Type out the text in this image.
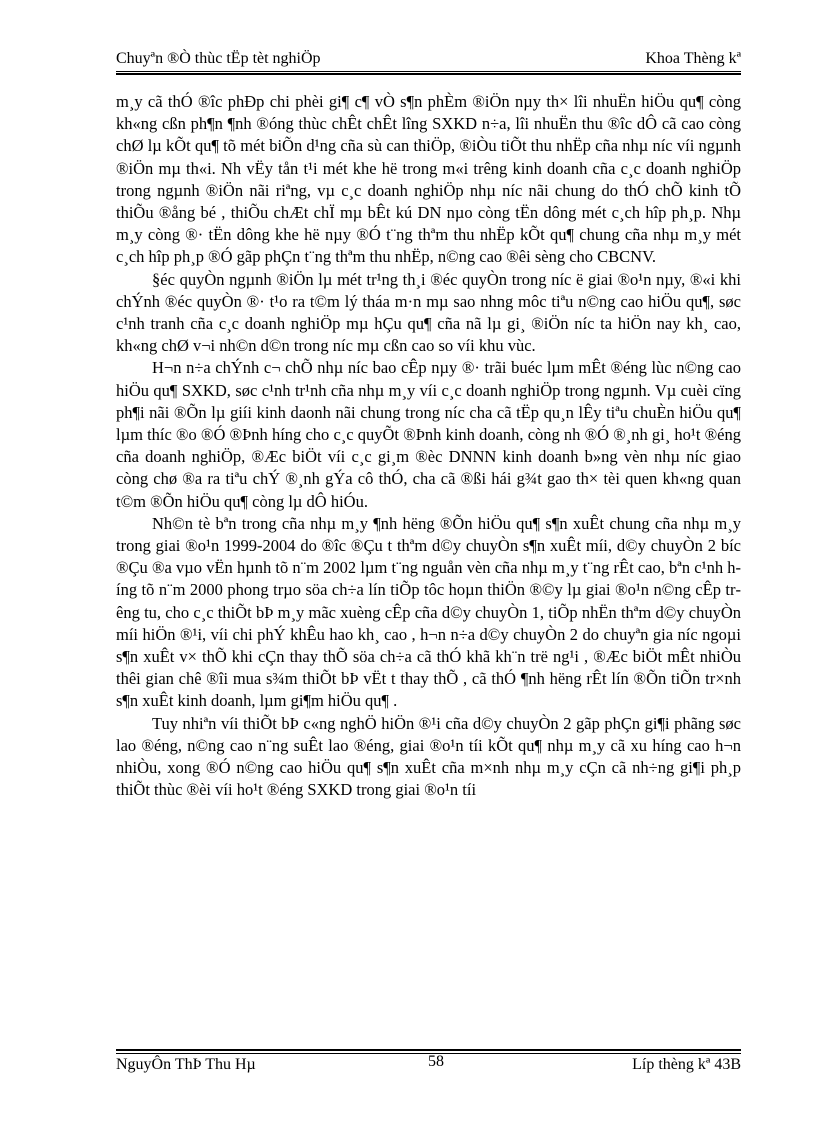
Chuyªn ®Ò thùc tËp tèt nghiÖp	Khoa Thèng kª

m¸y cã thÓ ®îc phÐp chi phèi gi¶ c¶ vÒ s¶n phÈm ®iÖn nµy th× lîi nhuËn hiÖu qu¶ còng kh«ng cßn ph¶n ¶nh ®óng thùc chÊt chÊt lîng SXKD n÷a, lîi nhuËn thu ®îc dÔ cã cao còng chØ lµ kÕt qu¶ tõ mét biÕn d¹ng cña sù can thiÖp, ®iÒu tiÕt thu nhËp cña nhµ níc víi ngµnh ®iÖn mµ th«i. Nh vËy tån t¹i mét khe hë trong m«i trêng kinh doanh cña c¸c doanh nghiÖp trong ngµnh ®iÖn nãi riªng, vµ c¸c doanh nghiÖp nhµ níc nãi chung do thÓ chÕ kinh tÕ thiÕu ®ång bé , thiÕu chÆt chÏ mµ bÊt kú DN nµo còng tËn dông mét c¸ch hîp ph¸p. Nhµ m¸y còng ®· tËn dông khe hë nµy ®Ó t¨ng thªm thu nhËp kÕt qu¶ chung cña nhµ m¸y mét c¸ch hîp ph¸p ®Ó gãp phÇn t¨ng thªm thu nhËp, n©ng cao ®êi sèng cho CBCNV.

§éc quyÒn ngµnh ®iÖn lµ mét tr¹ng th¸i ®éc quyÒn trong níc ë giai ®o¹n nµy, ®«i khi chÝnh ®éc quyÒn ®· t¹o ra t©m lý tháa m·n mµ sao nhng môc tiªu n©ng cao hiÖu qu¶, søc c¹nh tranh cña c¸c doanh nghiÖp mµ hÇu qu¶ cña nã lµ gi¸ ®iÖn níc ta hiÖn nay kh¸ cao, kh«ng chØ v¬i nh©n d©n trong níc mµ cßn cao so víi khu vùc.

H¬n n÷a chÝnh c¬ chÕ nhµ níc bao cÊp nµy ®· trãi buéc lµm mÊt ®éng lùc n©ng cao hiÖu qu¶ SXKD, søc c¹nh tr¹nh cña nhµ m¸y víi c¸c doanh nghiÖp trong ngµnh. Vµ cuèi cïng ph¶i nãi ®Õn lµ giíi kinh daonh nãi chung trong níc cha cã tËp qu¸n lÊy tiªu chuÈn hiÖu qu¶ lµm thíc ®o ®Ó ®Þnh híng cho c¸c quyÕt ®Þnh kinh doanh, còng nh ®Ó ®¸nh gi¸ ho¹t ®éng cña doanh nghiÖp, ®Æc biÖt víi c¸c gi¸m ®èc DNNN kinh doanh b»ng vèn nhµ níc giao còng chø ®a ra tiªu chÝ ®¸nh gÝa cô thÓ, cha cã ®ßi hái g¾t gao th× tèi quen kh«ng quan t©m ®Õn hiÖu qu¶ còng lµ dÔ hiÓu.

Nh©n tè bªn trong cña nhµ m¸y ¶nh hëng ®Õn hiÖu qu¶ s¶n xuÊt chung cña nhµ m¸y trong giai ®o¹n 1999-2004 do ®îc ®Çu t thªm d©y chuyÒn s¶n xuÊt míi, d©y chuyÒn 2 bíc ®Çu ®a vµo vËn hµnh tõ n¨m 2002 lµm t¨ng nguån vèn cña nhµ m¸y t¨ng rÊt cao, bªn c¹nh híng tõ n¨m 2000 phong trµo söa ch÷a lín tiÕp tôc hoµn thiÖn ®©y lµ giai ®o¹n n©ng cÊp trêng tu, cho c¸c thiÕt bÞ m¸y mãc xuèng cÊp cña d©y chuyÒn 1, tiÕp nhËn thªm d©y chuyÒn míi hiÖn ®¹i, víi chi phÝ khÊu hao kh¸ cao , h¬n n÷a d©y chuyÒn 2 do chuyªn gia níc ngoµi s¶n xuÊt v× thÕ khi cÇn thay thÕ söa ch÷a cã thÓ khã kh¨n trë ng¹i , ®Æc biÖt mÊt nhiÒu thêi gian chê ®îi mua s¾m thiÕt bÞ vËt t thay thÕ , cã thÓ ¶nh hëng rÊt lín ®Õn tiÕn tr×nh s¶n xuÊt kinh doanh, lµm gi¶m hiÖu qu¶ .

Tuy nhiªn víi thiÕt bÞ c«ng nghÖ hiÖn ®¹i cña d©y chuyÒn 2 gãp phÇn gi¶i phãng søc lao ®éng, n©ng cao n¨ng suÊt lao ®éng, giai ®o¹n tíi kÕt qu¶ nhµ m¸y cã xu híng cao h¬n nhiÒu, xong ®Ó n©ng cao hiÖu qu¶ s¶n xuÊt cña m×nh nhµ m¸y cÇn cã nh÷ng gi¶i ph¸p thiÕt thùc ®èi víi ho¹t ®éng SXKD trong giai ®o¹n tíi

NguyÔn ThÞ Thu Hµ	58	Líp thèng kª 43B
